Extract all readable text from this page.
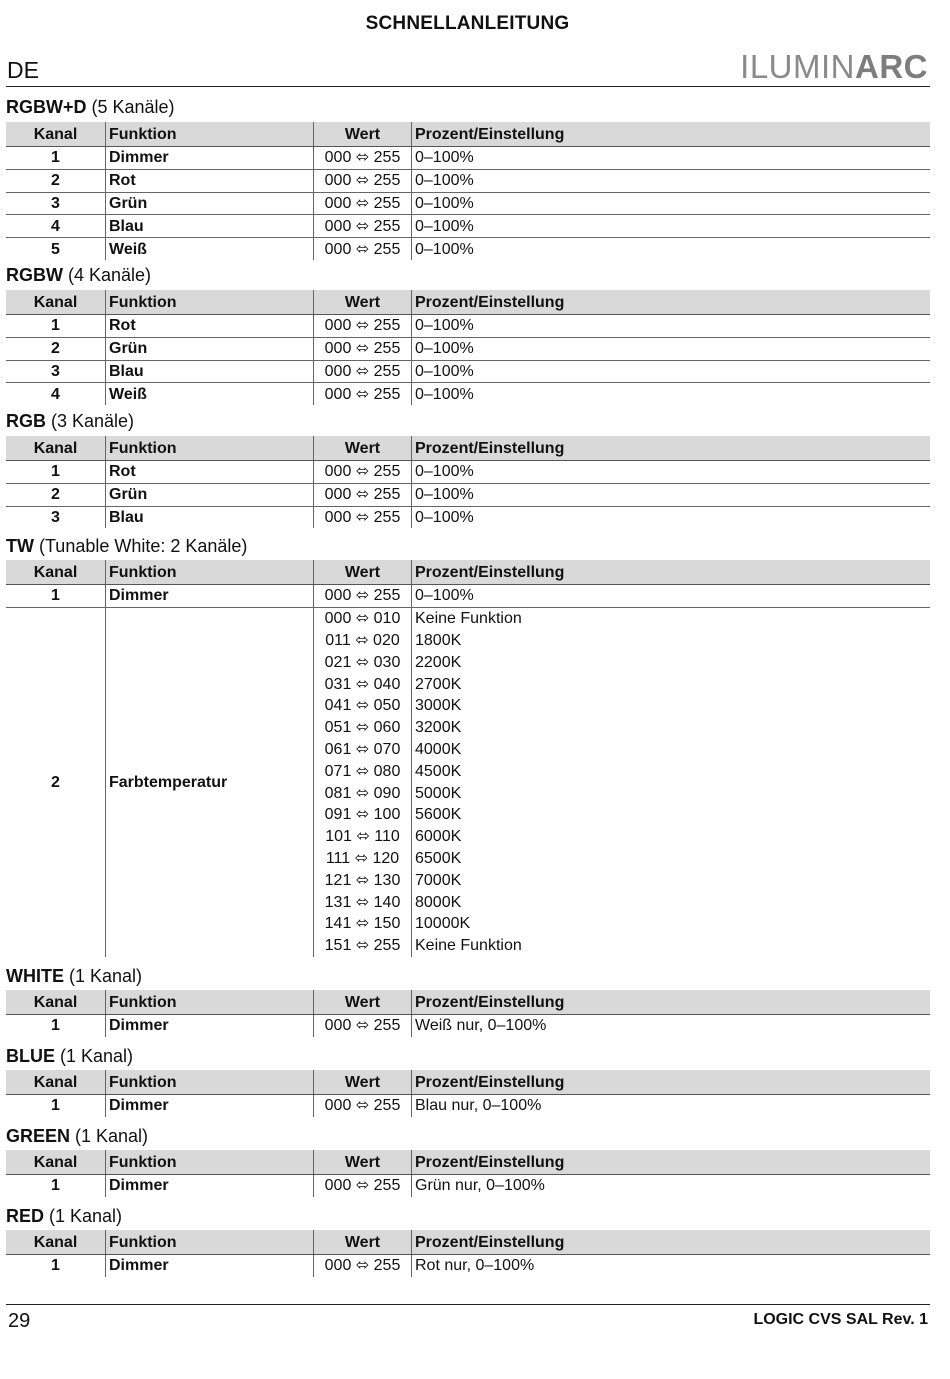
SCHNELLANLEITUNG
DE	ILUMINARC
RGBW+D (5 Kanäle)
Kanal	Funktion	Wert	Prozent/Einstellung
1	Dimmer	000 ⬄ 255	0–100%
2	Rot	000 ⬄ 255	0–100%
3	Grün	000 ⬄ 255	0–100%
4	Blau	000 ⬄ 255	0–100%
5	Weiß	000 ⬄ 255	0–100%
RGBW (4 Kanäle)
Kanal	Funktion	Wert	Prozent/Einstellung
1	Rot	000 ⬄ 255	0–100%
2	Grün	000 ⬄ 255	0–100%
3	Blau	000 ⬄ 255	0–100%
4	Weiß	000 ⬄ 255	0–100%
RGB (3 Kanäle)
Kanal	Funktion	Wert	Prozent/Einstellung
1	Rot	000 ⬄ 255	0–100%
2	Grün	000 ⬄ 255	0–100%
3	Blau	000 ⬄ 255	0–100%
TW (Tunable White: 2 Kanäle)
Kanal	Funktion	Wert	Prozent/Einstellung
1	Dimmer	000 ⬄ 255	0–100%
2	Farbtemperatur	000 ⬄ 010	Keine Funktion
		011 ⬄ 020	1800K
		021 ⬄ 030	2200K
		031 ⬄ 040	2700K
		041 ⬄ 050	3000K
		051 ⬄ 060	3200K
		061 ⬄ 070	4000K
		071 ⬄ 080	4500K
		081 ⬄ 090	5000K
		091 ⬄ 100	5600K
		101 ⬄ 110	6000K
		111 ⬄ 120	6500K
		121 ⬄ 130	7000K
		131 ⬄ 140	8000K
		141 ⬄ 150	10000K
		151 ⬄ 255	Keine Funktion
WHITE (1 Kanal)
Kanal	Funktion	Wert	Prozent/Einstellung
1	Dimmer	000 ⬄ 255	Weiß nur, 0–100%
BLUE (1 Kanal)
Kanal	Funktion	Wert	Prozent/Einstellung
1	Dimmer	000 ⬄ 255	Blau nur, 0–100%
GREEN (1 Kanal)
Kanal	Funktion	Wert	Prozent/Einstellung
1	Dimmer	000 ⬄ 255	Grün nur, 0–100%
RED (1 Kanal)
Kanal	Funktion	Wert	Prozent/Einstellung
1	Dimmer	000 ⬄ 255	Rot nur, 0–100%
29	LOGIC CVS SAL Rev. 1
